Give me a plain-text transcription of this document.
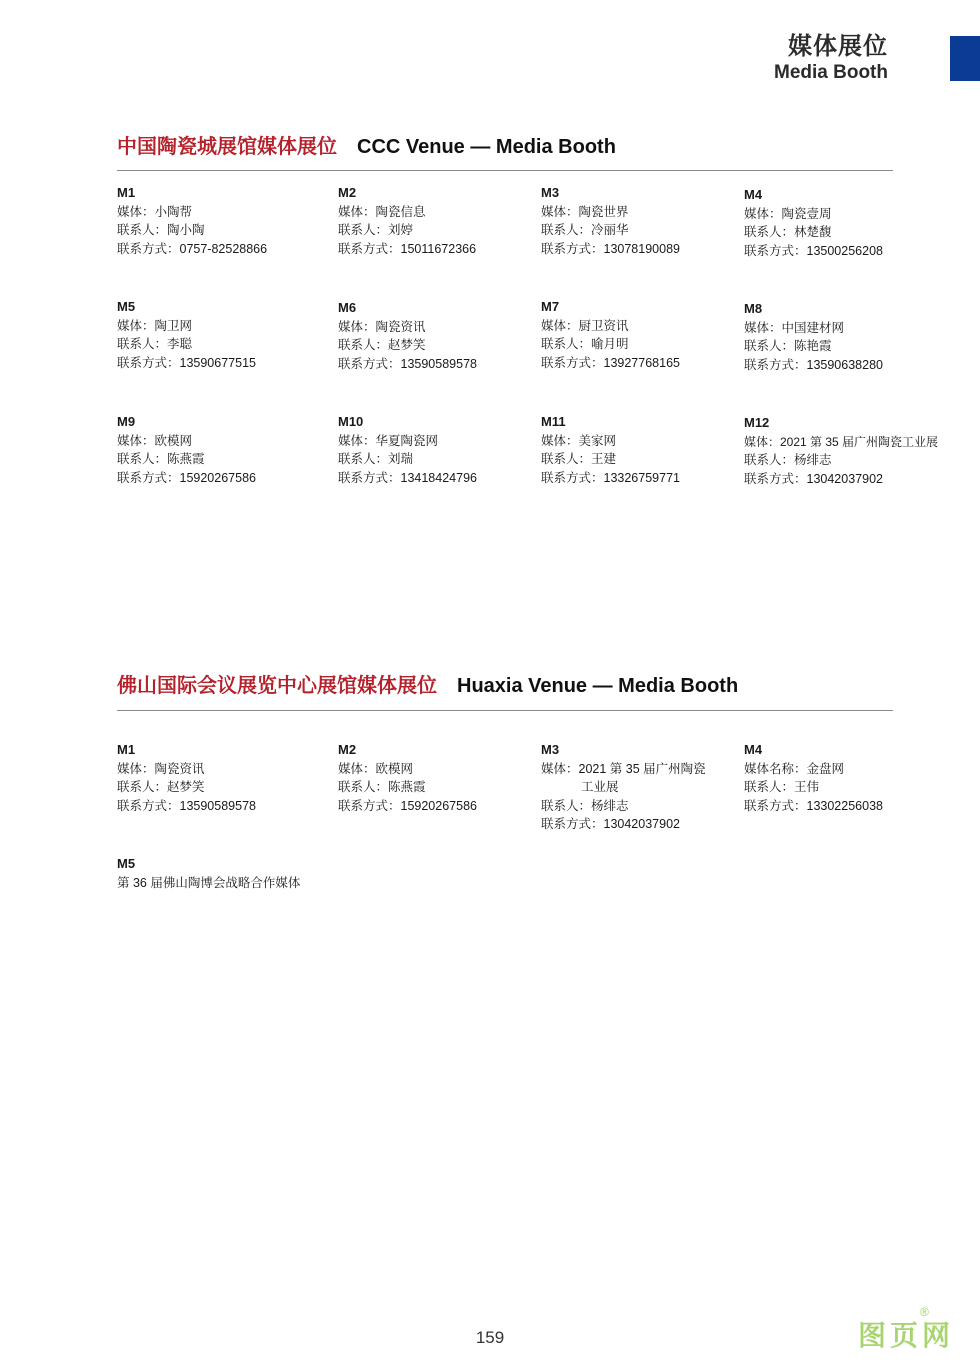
媒体展位
Media Booth
中国陶瓷城展馆媒体展位 CCC Venue — Media Booth
M1
媒体：小陶帮
联系人：陶小陶
联系方式：0757-82528866
M2
媒体：陶瓷信息
联系人：刘婷
联系方式：15011672366
M3
媒体：陶瓷世界
联系人：冷丽华
联系方式：13078190089
M4
媒体：陶瓷壹周
联系人：林楚馥
联系方式：13500256208
M5
媒体：陶卫网
联系人：李聪
联系方式：13590677515
M6
媒体：陶瓷资讯
联系人：赵梦笑
联系方式：13590589578
M7
媒体：厨卫资讯
联系人：喻月明
联系方式：13927768165
M8
媒体：中国建材网
联系人：陈艳霞
联系方式：13590638280
M9
媒体：欧模网
联系人：陈燕霞
联系方式：15920267586
M10
媒体：华夏陶瓷网
联系人：刘瑞
联系方式：13418424796
M11
媒体：美家网
联系人：王建
联系方式：13326759771
M12
媒体：2021 第 35 届广州陶瓷工业展
联系人：杨绯志
联系方式：13042037902
佛山国际会议展览中心展馆媒体展位 Huaxia Venue — Media Booth
M1
媒体：陶瓷资讯
联系人：赵梦笑
联系方式：13590589578
M2
媒体：欧模网
联系人：陈燕霞
联系方式：15920267586
M3
媒体：2021 第 35 届广州陶瓷
工业展
联系人：杨绯志
联系方式：13042037902
M4
媒体名称：金盘网
联系人：王伟
联系方式：13302256038
M5
第 36 届佛山陶博会战略合作媒体
159	图页网
®
